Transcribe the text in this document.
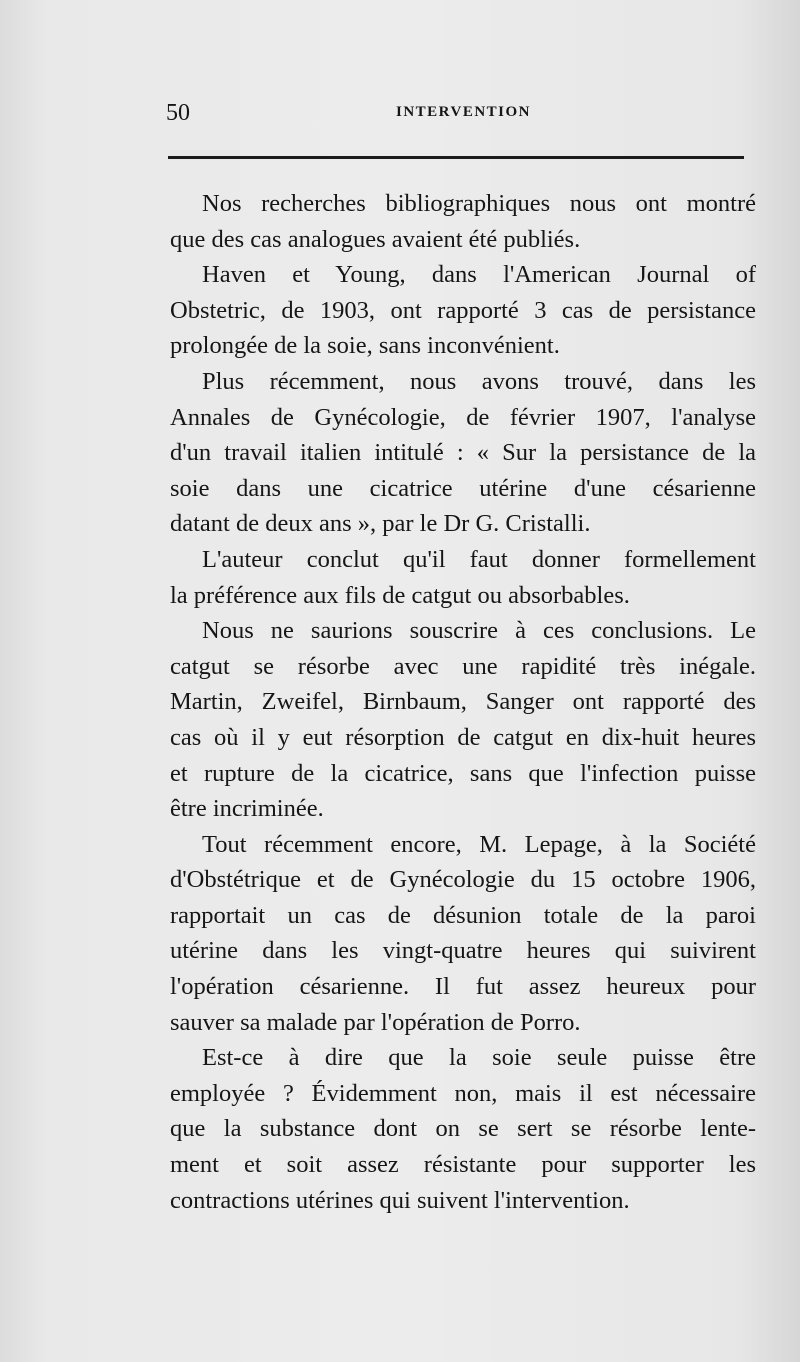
50	INTERVENTION
Nos recherches bibliographiques nous ont montré
que des cas analogues avaient été publiés.
Haven et Young, dans l'American Journal of
Obstetric, de 1903, ont rapporté 3 cas de persistance
prolongée de la soie, sans inconvénient.
Plus récemment, nous avons trouvé, dans les
Annales de Gynécologie, de février 1907, l'analyse
d'un travail italien intitulé : « Sur la persistance de la
soie dans une cicatrice utérine d'une césarienne
datant de deux ans », par le Dr G. Cristalli.
L'auteur conclut qu'il faut donner formellement
la préférence aux fils de catgut ou absorbables.
Nous ne saurions souscrire à ces conclusions. Le
catgut se résorbe avec une rapidité très inégale.
Martin, Zweifel, Birnbaum, Sanger ont rapporté des
cas où il y eut résorption de catgut en dix-huit heures
et rupture de la cicatrice, sans que l'infection puisse
être incriminée.
Tout récemment encore, M. Lepage, à la Société
d'Obstétrique et de Gynécologie du 15 octobre 1906,
rapportait un cas de désunion totale de la paroi
utérine dans les vingt-quatre heures qui suivirent
l'opération césarienne. Il fut assez heureux pour
sauver sa malade par l'opération de Porro.
Est-ce à dire que la soie seule puisse être
employée ? Évidemment non, mais il est nécessaire
que la substance dont on se sert se résorbe lente-
ment et soit assez résistante pour supporter les
contractions utérines qui suivent l'intervention.
